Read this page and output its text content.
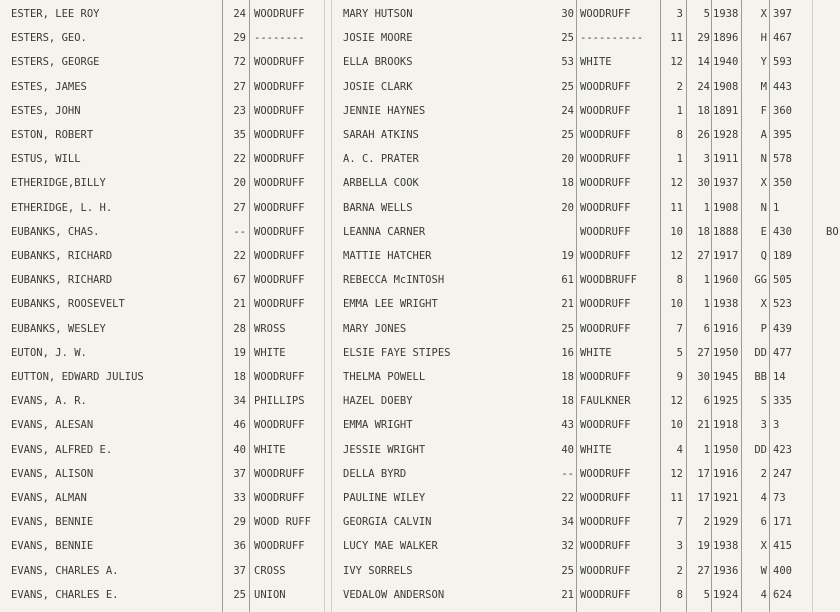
ESTER, LEE ROY	24 WOODRUFF	MARY HUTSON	30 WOODRUFF	3	5 1938	X 397
ESTERS, GEO.	29 --------	JOSIE MOORE	25 ----------	11	29 1896	H 467
ESTERS, GEORGE	72 WOODRUFF	ELLA BROOKS	53 WHITE	12	14 1940	Y 593
ESTES, JAMES	27 WOODRUFF	JOSIE CLARK	25 WOODRUFF	2	24 1908	M 443
ESTES, JOHN	23 WOODRUFF	JENNIE HAYNES	24 WOODRUFF	1	18 1891	F 360
ESTON, ROBERT	35 WOODRUFF	SARAH ATKINS	25 WOODRUFF	8	26 1928	A 395
ESTUS, WILL	22 WOODRUFF	A. C. PRATER	20 WOODRUFF	1	3 1911	N 578
ETHERIDGE,BILLY	20 WOODRUFF	ARBELLA COOK	18 WOODRUFF	12	30 1937	X 350
ETHERIDGE, L. H.	27 WOODRUFF	BARNA WELLS	20 WOODRUFF	11	1 1908	N 1
EUBANKS, CHAS.	-- WOODRUFF	LEANNA CARNER	WOODRUFF	10	18 1888	E 430	BO
EUBANKS, RICHARD	22 WOODRUFF	MATTIE HATCHER	19 WOODRUFF	12	27 1917	Q 189
EUBANKS, RICHARD	67 WOODRUFF	REBECCA McINTOSH	61 WOODBRUFF	8	1 1960	GG 505
EUBANKS, ROOSEVELT	21 WOODRUFF	EMMA LEE WRIGHT	21 WOODRUFF	10	1 1938	X 523
EUBANKS, WESLEY	28 WROSS	MARY JONES	25 WOODRUFF	7	6 1916	P 439
EUTON, J. W.	19 WHITE	ELSIE FAYE STIPES	16 WHITE	5	27 1950	DD 477
EUTTON, EDWARD JULIUS	18 WOODRUFF	THELMA POWELL	18 WOODRUFF	9	30 1945	BB 14
EVANS, A. R.	34 PHILLIPS	HAZEL DOEBY	18 FAULKNER	12	6 1925	S 335
EVANS, ALESAN	46 WOODRUFF	EMMA WRIGHT	43 WOODRUFF	10	21 1918	3 3
EVANS, ALFRED E.	40 WHITE	JESSIE WRIGHT	40 WHITE	4	1 1950	DD 423
EVANS, ALISON	37 WOODRUFF	DELLA BYRD	-- WOODRUFF	12	17 1916	2 247
EVANS, ALMAN	33 WOODRUFF	PAULINE WILEY	22 WOODRUFF	11	17 1921	4 73
EVANS, BENNIE	29 WOOD RUFF	GEORGIA CALVIN	34 WOODRUFF	7	2 1929	6 171
EVANS, BENNIE	36 WOODRUFF	LUCY MAE WALKER	32 WOODRUFF	3	19 1938	X 415
EVANS, CHARLES A.	37 CROSS	IVY SORRELS	25 WOODRUFF	2	27 1936	W 400
EVANS, CHARLES E.	25 UNION	VEDALOW ANDERSON	21 WOODRUFF	8	5 1924	4 624
